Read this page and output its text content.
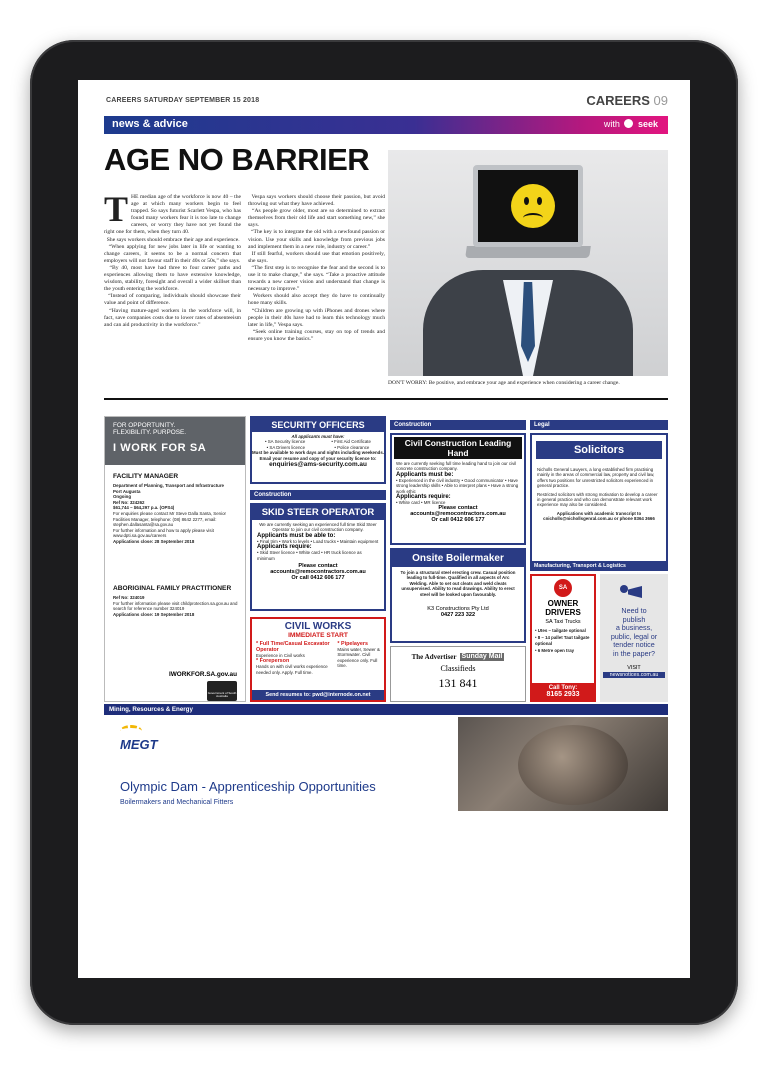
CAREERS SATURDAY SEPTEMBER 15 2018	CAREERS 09
news & advice	with seek
AGE NO BARRIER

THE median age of the workforce is now 40 – the age at which many workers begin to feel trapped. So says futurist Scarlett Vespa, who has found many workers fear it is too late to change careers, or worry they have not yet found the right one for them, when they turn 40.

She says workers should embrace their age and experience.

“When applying for new jobs later in life or wanting to change careers, it seems to be a normal concern that employers will not favour staff in their 40s or 50s,” she says.

“By 40, most have had three to four career paths and experiences allowing them to have extensive knowledge, wisdom, stability, foresight and overall a wider skillset than the youth entering the workforce.

“Instead of comparing, individuals should showcase their value and point of difference.

“Having mature-aged workers in the workforce will, in fact, save companies costs due to lower rates of absenteeism and can aid productivity in the workforce.”

Vespa says workers should choose their passion, but avoid throwing out what they have achieved.

“As people grow older, most are so determined to extract themselves from their old life and start something new,” she says.

“The key is to integrate the old with a newfound passion or vision. Use your skills and knowledge from previous jobs and implement them in a new role, industry or career.”

If still fearful, workers should use that emotion positively, she says.

“The first step is to recognise the fear and the second is to use it to make change,” she says. “Take a proactive attitude towards a new career vision and understand that change is necessary to improve.”

Workers should also accept they do have to continually hone many skills.

“Children are growing up with iPhones and drones where people in their 40s have had to learn this technology much later in life,” Vespa says.

“Seek online training courses, stay on top of trends and ensure you know the basics.”

DON'T WORRY: Be positive, and embrace your age and experience when considering a career change.
FOR OPPORTUNITY.
FLEXIBILITY. PURPOSE.
I WORK FOR SA
FACILITY MANAGER
Department of Planning, Transport and Infrastructure
Port Augusta
Ongoing
Ref No: 324262
$61,744 – $64,297 p.a. (OPS4)
For enquiries please contact Mr Steve Dalla Santa, Senior Facilities Manager, telephone: (08) 8642 2277, email: stephen.dallasanta@sa.gov.au
For further information and how to apply please visit www.dpti.sa.gov.au/careers
Applications close: 28 September 2018
ABORIGINAL FAMILY PRACTITIONER
Ref No: 324019
For further information please visit childprotection.sa.gov.au and search for reference number 324019
Applications close: 19 September 2018
IWORKFOR.SA.gov.au
Government of South Australia
SECURITY OFFICERS
All applicants must have:
• SA Security licence	• First Aid Certificate
• SA Drivers licence	• Police clearance
Must be available to work days and nights including weekends.
Email your resume and copy of your security licence to:
enquiries@ams-security.com.au
Construction
SKID STEER OPERATOR
We are currently seeking an experienced full time Skid Steer Operator to join our civil construction company.
Applicants must be able to:
• Final trim • Work to levels • Load trucks • Maintain equipment
Applicants require:
• Skid Steer licence • White card • HR truck licence as minimum
Please contact
accounts@remocontractors.com.au
Or call 0412 606 177
CIVIL WORKS
IMMEDIATE START
* Full Time/Casual Excavator Operator
Experience in Civil works
* Foreperson
Hands on with civil works experience needed only. Apply. Full time.
* Pipelayers
Mains water, Sewer & Stormwater. Civil experience only. Full time.
Send resumes to: pwd@internode.on.net
Construction
Civil Construction Leading Hand
We are currently seeking full time leading hand to join our civil concrete construction company.
Applicants must be:
• Experienced in the civil industry • Good communicator • Have strong leadership skills • Able to interpret plans • Have a strong work ethic
Applicants require:
• White card • MR licence
Please contact
accounts@remocontractors.com.au
Or call 0412 606 177
Onsite Boilermaker
To join a structural steel erecting crew. Casual position leading to full-time. Qualified in all aspects of Arc Welding. Able to set out cleats and weld cleats unsupervised. Ability to read drawings. Ability to erect steel will be looked upon favourably.
K3 Constructions Pty Ltd
0427 223 322
The Advertiser Sunday Mail
Classifieds
131 841
Legal
Solicitors
Nicholls General Lawyers, a long established firm practising mainly in the areas of commercial law, property and civil law, offers two positions for unrestricted solicitors experienced in general practice.
Restricted solicitors with strong motivation to develop a career in general practice and who can demonstrate relevant work experience may also be considered.
Applications with academic transcript to cnicholls@nichollsgenral.com.au or phone 8364 3666
Manufacturing, Transport & Logistics
SA
OWNER DRIVERS
SA Taxi Trucks
• Utes – tailgate optional
• 8 – 14 pallet Taut tailgate optional
• 6 Metre open tray
Call Tony:
8165 2933
Need to
publish
a business,
public, legal or
tender notice
in the paper?
VISIT
newsnotices.com.au
Mining, Resources & Energy
MEGT
Olympic Dam - Apprenticeship Opportunities
Boilermakers and Mechanical Fitters
